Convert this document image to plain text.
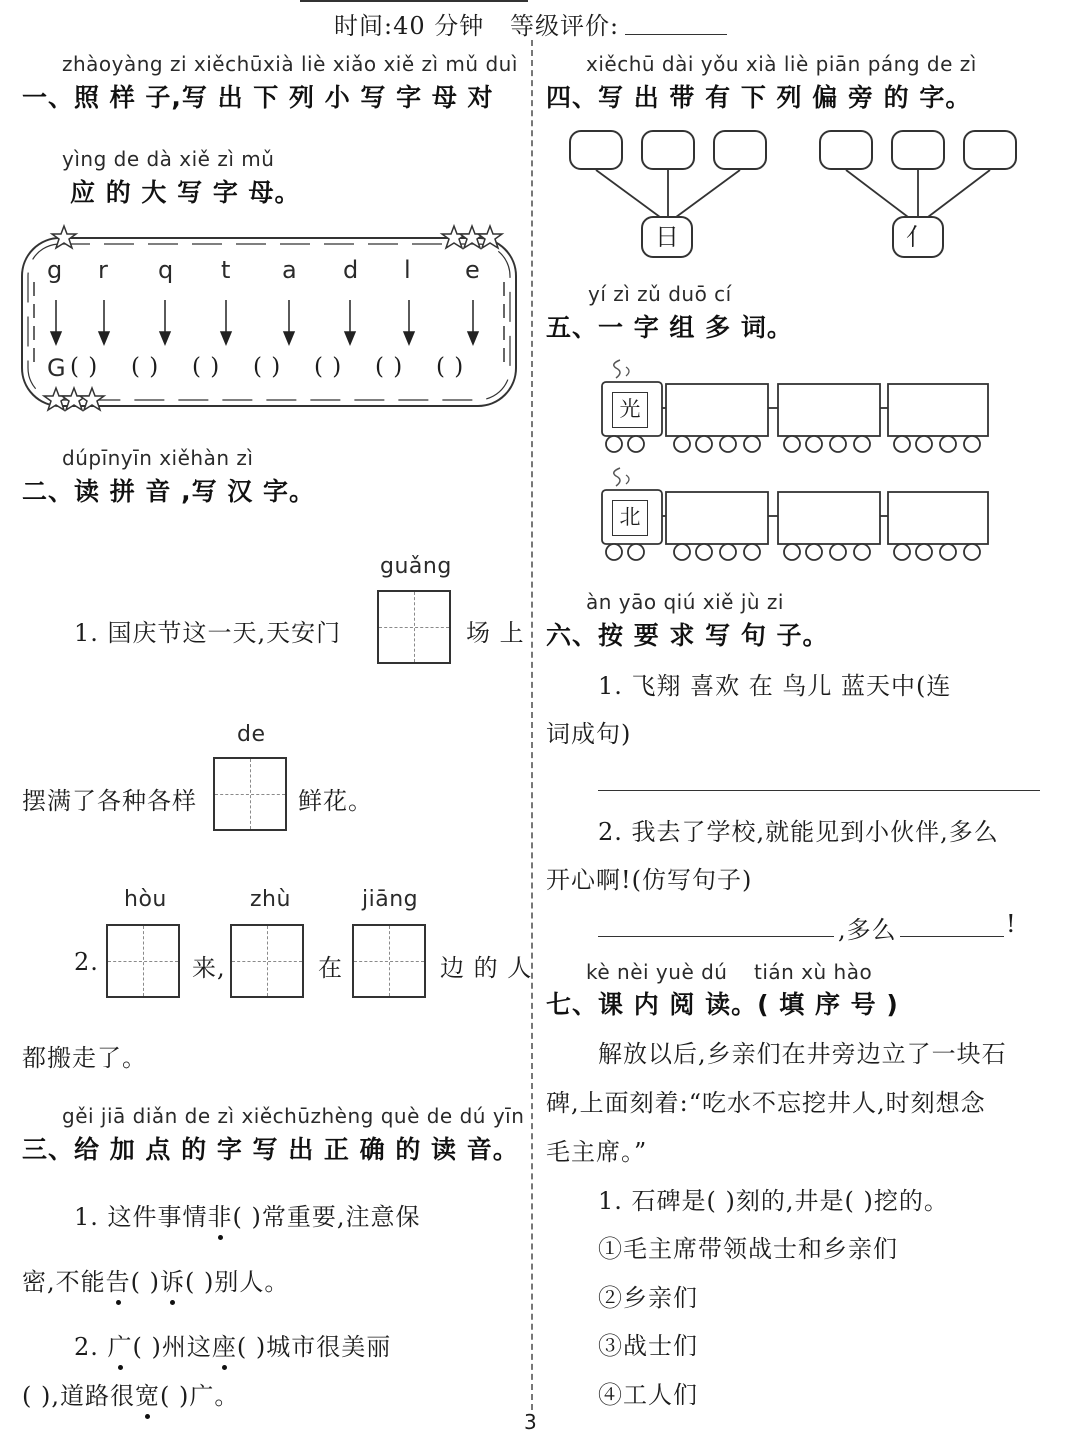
时间:40 分钟 等级评价:
zhàoyàng zi xiěchūxià liè xiǎo xiě zì mǔ duì
一、照 样 子,写 出 下 列 小 写 字 母 对
yìng de dà xiě zì mǔ
应 的 大 写 字 母。
g r q t a d l e
G ( ) ( ) ( ) ( ) ( ) ( ) ( )
dúpīnyīn xiěhàn zì
二、读 拼 音 ,写 汉 字。
guǎng
1. 国庆节这一天,天安门	场 上
de
摆满了各种各样	鲜花。
hòu	zhù	jiāng
2.	来,	在	边 的 人
都搬走了。
gěi jiā diǎn de zì xiěchūzhèng què de dú yīn
三、给 加 点 的 字 写 出 正 确 的 读 音。
1. 这件事情非( )常重要,注意保
密,不能告( )诉( )别人。
2. 广( )州这座( )城市很美丽
( ),道路很宽( )广。
xiěchū dài yǒu xià liè piān páng de zì
四、写 出 带 有 下 列 偏 旁 的 字。
日	亻
yí zì zǔ duō cí
五、一 字 组 多 词。
光
北
àn yāo qiú xiě jù zi
六、按 要 求 写 句 子。
1. 飞翔 喜欢 在 鸟儿 蓝天中(连
词成句)
2. 我去了学校,就能见到小伙伴,多么
开心啊!(仿写句子)
,多么	!
kè nèi yuè dú tián xù hào
七、课 内 阅 读。( 填 序 号 )
解放以后,乡亲们在井旁边立了一块石
碑,上面刻着:“吃水不忘挖井人,时刻想念
毛主席。”
1. 石碑是( )刻的,井是( )挖的。
①毛主席带领战士和乡亲们
②乡亲们
③战士们
④工人们
3
